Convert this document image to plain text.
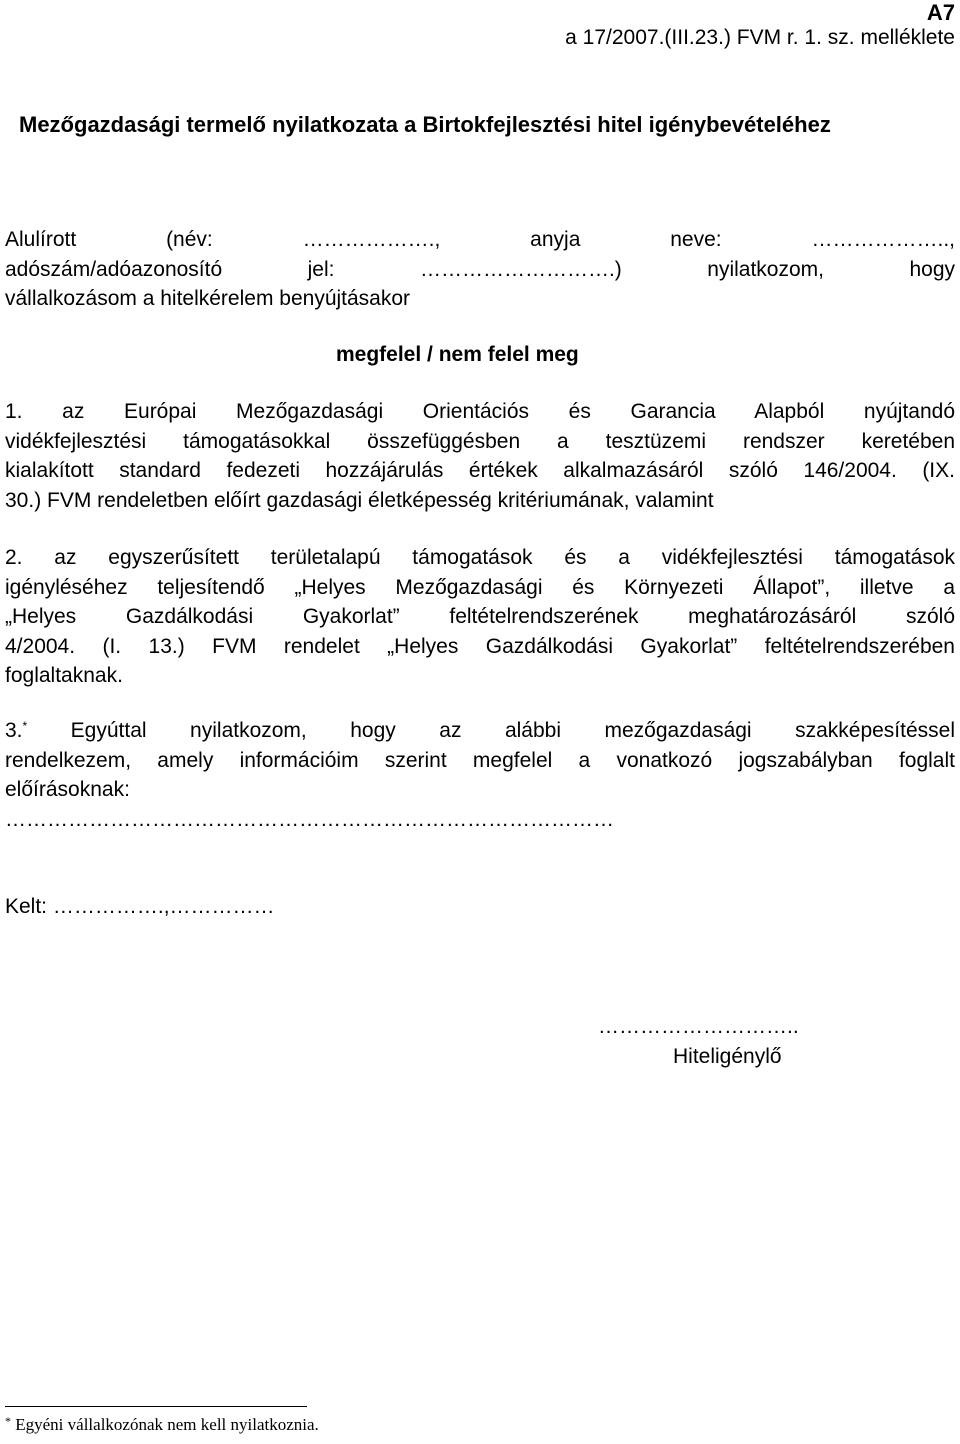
A7
a 17/2007.(III.23.) FVM r. 1. sz. melléklete
Mezőgazdasági termelő nyilatkozata a Birtokfejlesztési hitel igénybevételéhez
Alulírott (név: ………………., anyja neve: ………………..,
adószám/adóazonosító jel: ……………………….) nyilatkozom, hogy
vállalkozásom a hitelkérelem benyújtásakor
megfelel / nem felel meg
1. az Európai Mezőgazdasági Orientációs és Garancia Alapból nyújtandó
vidékfejlesztési támogatásokkal összefüggésben a tesztüzemi rendszer keretében
kialakított standard fedezeti hozzájárulás értékek alkalmazásáról szóló 146/2004. (IX.
30.) FVM rendeletben előírt gazdasági életképesség kritériumának, valamint
2. az egyszerűsített területalapú támogatások és a vidékfejlesztési támogatások
igényléséhez teljesítendő „Helyes Mezőgazdasági és Környezeti Állapot”, illetve a
„Helyes Gazdálkodási Gyakorlat” feltételrendszerének meghatározásáról szóló
4/2004. (I. 13.) FVM rendelet „Helyes Gazdálkodási Gyakorlat” feltételrendszerében
foglaltaknak.
3.* Egyúttal nyilatkozom, hogy az alábbi mezőgazdasági szakképesítéssel
rendelkezem, amely információim szerint megfelel a vonatkozó jogszabályban foglalt
előírásoknak:
……………………………………………………………………………
Kelt: …………….,……………
………………………..
Hiteligénylő
* Egyéni vállalkozónak nem kell nyilatkoznia.
